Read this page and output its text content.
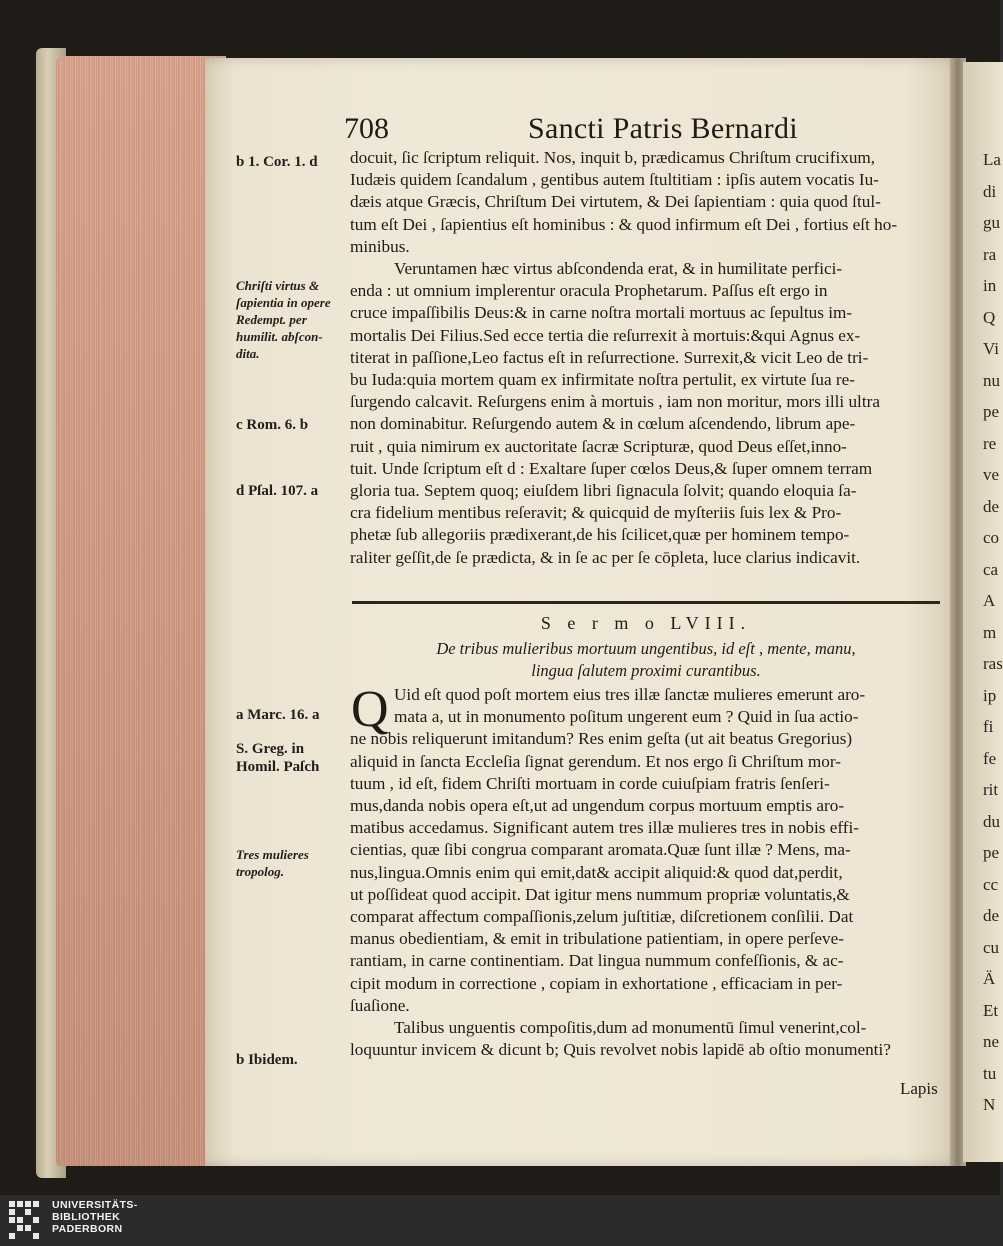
La
di
gu
ra
in
Q
Vi
nu
pe
re
ve
de
co
ca
A
m
ras
ip
fi
fe
rit
du
pe
cc
de
cu
Ä
Et
ne
tu
N
708	Sancti Patris Bernardi
b 1. Cor. 1. d
Chriſti virtus & ſapientia in opere Redempt. per humilit. abſcon- dita.
c Rom. 6. b
d Pſal. 107. a
a Marc. 16. a
S. Greg. in Homil. Paſch
Tres mulieres tropolog.
b Ibidem.
docuit, ſic ſcriptum reliquit. Nos, inquit b, prædicamus Chriſtum crucifixum,
Iudæis quidem ſcandalum , gentibus autem ſtultitiam : ipſis autem vocatis Iu-
dæis atque Græcis, Chriſtum Dei virtutem, & Dei ſapientiam : quia quod ſtul-
tum eſt Dei , ſapientius eſt hominibus : & quod infirmum eſt Dei , fortius eſt ho-
minibus.
Veruntamen hæc virtus abſcondenda erat, & in humilitate perfici-
enda : ut omnium implerentur oracula Prophetarum. Paſſus eſt ergo in
cruce impaſſibilis Deus:& in carne noſtra mortali mortuus ac ſepultus im-
mortalis Dei Filius.Sed ecce tertia die reſurrexit à mortuis:&qui Agnus ex-
titerat in paſſione,Leo factus eſt in reſurrectione. Surrexit,& vicit Leo de tri-
bu Iuda:quia mortem quam ex infirmitate noſtra pertulit, ex virtute ſua re-
ſurgendo calcavit. Reſurgens enim à mortuis , iam non moritur, mors illi ultra
non dominabitur. Reſurgendo autem & in cœlum aſcendendo, librum ape-
ruit , quia nimirum ex auctoritate ſacræ Scripturæ, quod Deus eſſet,inno-
tuit. Unde ſcriptum eſt d : Exaltare ſuper cœlos Deus,& ſuper omnem terram
gloria tua. Septem quoq; eiuſdem libri ſignacula ſolvit; quando eloquia ſa-
cra fidelium mentibus reſeravit; & quicquid de myſteriis ſuis lex & Pro-
phetæ ſub allegoriis prædixerant,de his ſcilicet,quæ per hominem tempo-
raliter geſſit,de ſe prædicta, & in ſe ac per ſe cōpleta, luce clarius indicavit.
S e r m o LVIII.
De tribus mulieribus mortuum ungentibus, id eſt , mente, manu,
lingua ſalutem proximi curantibus.
Q Uid eſt quod poſt mortem eius tres illæ ſanctæ mulieres emerunt aro-
mata a, ut in monumento poſitum ungerent eum ? Quid in ſua actio-
ne nobis reliquerunt imitandum? Res enim geſta (ut ait beatus Gregorius)
aliquid in ſancta Eccleſia ſignat gerendum. Et nos ergo ſi Chriſtum mor-
tuum , id eſt, fidem Chriſti mortuam in corde cuiuſpiam fratris ſenſeri-
mus,danda nobis opera eſt,ut ad ungendum corpus mortuum emptis aro-
matibus accedamus. Significant autem tres illæ mulieres tres in nobis effi-
cientias, quæ ſibi congrua comparant aromata.Quæ ſunt illæ ? Mens, ma-
nus,lingua.Omnis enim qui emit,dat& accipit aliquid:& quod dat,perdit,
ut poſſideat quod accipit. Dat igitur mens nummum propriæ voluntatis,&
comparat affectum compaſſionis,zelum juſtitiæ, diſcretionem conſilii. Dat
manus obedientiam, & emit in tribulatione patientiam, in opere perſeve-
rantiam, in carne continentiam. Dat lingua nummum confeſſionis, & ac-
cipit modum in correctione , copiam in exhortatione , efficaciam in per-
ſuaſione.
Talibus unguentis compoſitis,dum ad monumentū ſimul venerint,col-
loquuntur invicem & dicunt b; Quis revolvet nobis lapidē ab oſtio monumenti?
Lapis
UNIVERSITÄTS-
BIBLIOTHEK
PADERBORN
